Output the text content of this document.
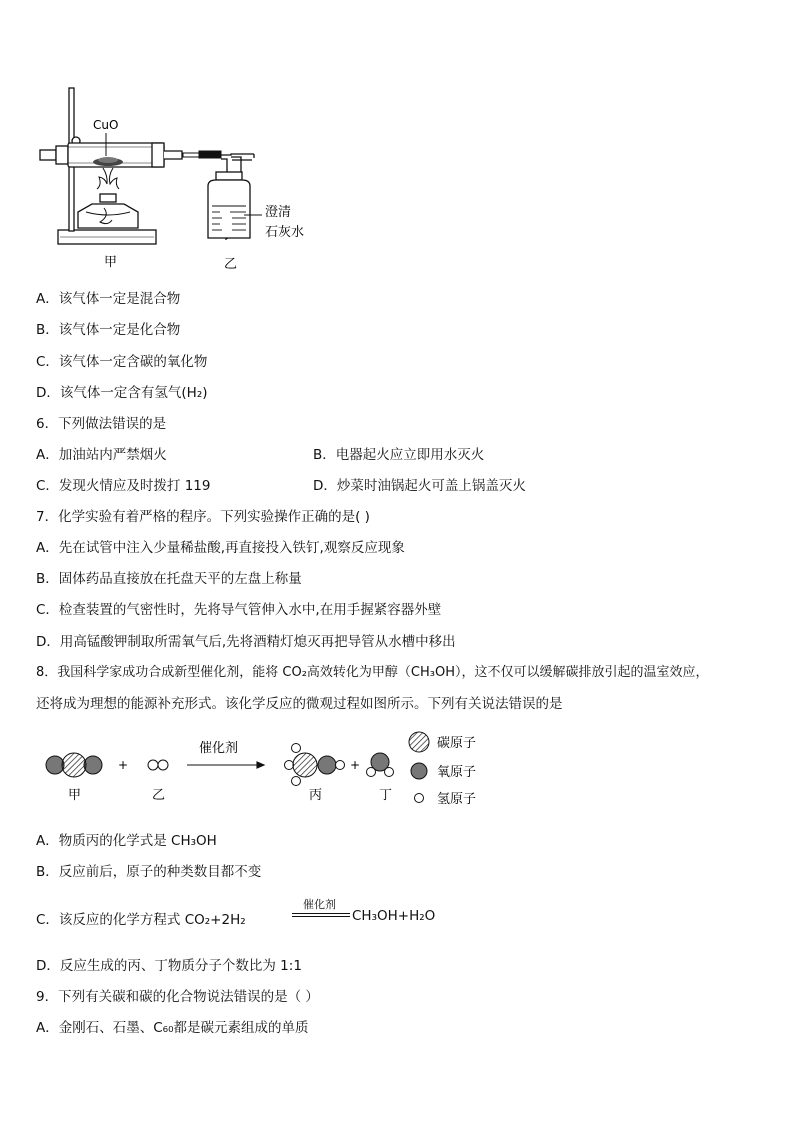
CuO
澄清
石灰水
甲	乙
A．该气体一定是混合物
B．该气体一定是化合物
C．该气体一定含碳的氧化物
D．该气体一定含有氢气(H₂)
6．下列做法错误的是
A．加油站内严禁烟火	B．电器起火应立即用水灭火
C．发现火情应及时拨打 119	D．炒菜时油锅起火可盖上锅盖灭火
7．化学实验有着严格的程序。下列实验操作正确的是( )
A．先在试管中注入少量稀盐酸,再直接投入铁钉,观察反应现象
B．固体药品直接放在托盘天平的左盘上称量
C．检查装置的气密性时，先将导气管伸入水中,在用手握紧容器外壁
D．用高锰酸钾制取所需氧气后,先将酒精灯熄灭再把导管从水槽中移出
8．我国科学家成功合成新型催化剂，能将 CO₂高效转化为甲醇（CH₃OH），这不仅可以缓解碳排放引起的温室效应，
还将成为理想的能源补充形式。该化学反应的微观过程如图所示。下列有关说法错误的是
+
催化剂
+
甲	乙	丙	丁
碳原子
氧原子
氢原子
A．物质丙的化学式是 CH₃OH
B．反应前后，原子的种类数目都不变
C．该反应的化学方程式 CO₂+2H₂
催化剂
CH₃OH+H₂O
D．反应生成的丙、丁物质分子个数比为 1:1
9．下列有关碳和碳的化合物说法错误的是（ ）
A．金刚石、石墨、C₆₀都是碳元素组成的单质
